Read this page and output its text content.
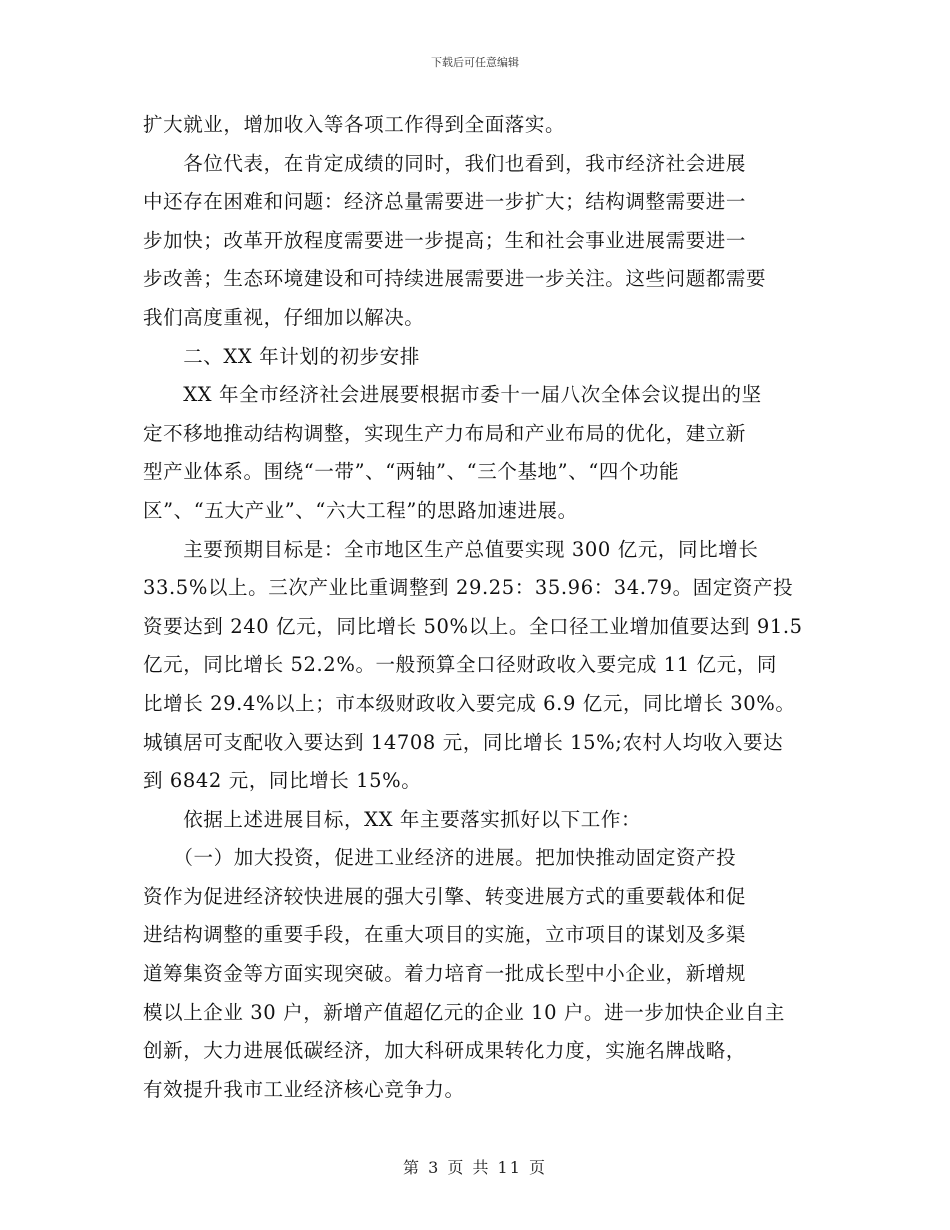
下载后可任意编辑
扩大就业，增加收入等各项工作得到全面落实。
　　各位代表，在肯定成绩的同时，我们也看到，我市经济社会进展
中还存在困难和问题：经济总量需要进一步扩大；结构调整需要进一
步加快；改革开放程度需要进一步提高；生和社会事业进展需要进一
步改善；生态环境建设和可持续进展需要进一步关注。这些问题都需要
我们高度重视，仔细加以解决。
　　二、XX 年计划的初步安排
　　XX 年全市经济社会进展要根据市委十一届八次全体会议提出的坚
定不移地推动结构调整，实现生产力布局和产业布局的优化，建立新
型产业体系。围绕“一带”、“两轴”、“三个基地”、“四个功能
区”、“五大产业”、“六大工程”的思路加速进展。
　　主要预期目标是：全市地区生产总值要实现 300 亿元，同比增长
33.5%以上。三次产业比重调整到 29.25：35.96：34.79。固定资产投
资要达到 240 亿元，同比增长 50%以上。全口径工业增加值要达到 91.5
亿元，同比增长 52.2%。一般预算全口径财政收入要完成 11 亿元，同
比增长 29.4%以上；市本级财政收入要完成 6.9 亿元，同比增长 30%。
城镇居可支配收入要达到 14708 元，同比增长 15%;农村人均收入要达
到 6842 元，同比增长 15%。
　　依据上述进展目标，XX 年主要落实抓好以下工作：
　　（一）加大投资，促进工业经济的进展。把加快推动固定资产投
资作为促进经济较快进展的强大引擎、转变进展方式的重要载体和促
进结构调整的重要手段，在重大项目的实施，立市项目的谋划及多渠
道筹集资金等方面实现突破。着力培育一批成长型中小企业，新增规
模以上企业 30 户，新增产值超亿元的企业 10 户。进一步加快企业自主
创新，大力进展低碳经济，加大科研成果转化力度，实施名牌战略，
有效提升我市工业经济核心竞争力。
第 3 页 共 11 页
